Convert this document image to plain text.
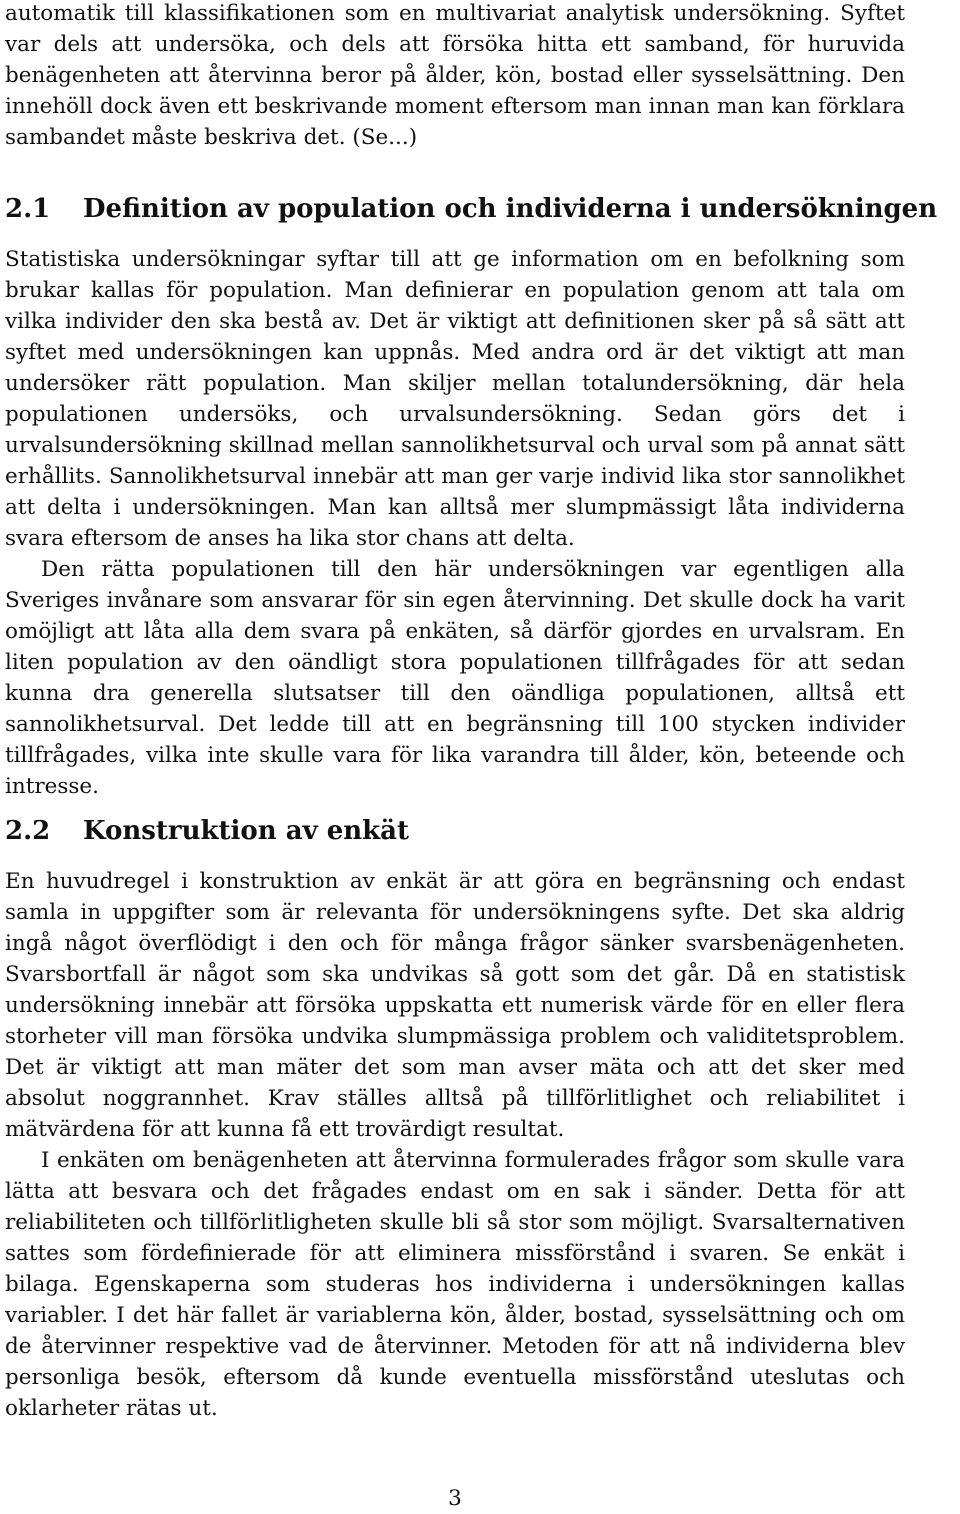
automatik till klassifikationen som en multivariat analytisk undersökning. Syftet var dels att undersöka, och dels att försöka hitta ett samband, för huruvida benägenheten att återvinna beror på ålder, kön, bostad eller sysselsättning. Den innehöll dock även ett beskrivande moment eftersom man innan man kan förklara sambandet måste beskriva det. (Se...)

2.1 Definition av population och individerna i undersökningen

Statistiska undersökningar syftar till att ge information om en befolkning som brukar kallas för population. Man definierar en population genom att tala om vilka individer den ska bestå av. Det är viktigt att definitionen sker på så sätt att syftet med undersökningen kan uppnås. Med andra ord är det viktigt att man undersöker rätt population. Man skiljer mellan totalundersökning, där hela populationen undersöks, och urvalsundersökning. Sedan görs det i urvalsundersökning skillnad mellan sannolikhetsurval och urval som på annat sätt erhållits. Sannolikhetsurval innebär att man ger varje individ lika stor sannolikhet att delta i undersökningen. Man kan alltså mer slumpmässigt låta individerna svara eftersom de anses ha lika stor chans att delta.

Den rätta populationen till den här undersökningen var egentligen alla Sveriges invånare som ansvarar för sin egen återvinning. Det skulle dock ha varit omöjligt att låta alla dem svara på enkäten, så därför gjordes en urvalsram. En liten population av den oändligt stora populationen tillfrågades för att sedan kunna dra generella slutsatser till den oändliga populationen, alltså ett sannolikhetsurval. Det ledde till att en begränsning till 100 stycken individer tillfrågades, vilka inte skulle vara för lika varandra till ålder, kön, beteende och intresse.

2.2 Konstruktion av enkät

En huvudregel i konstruktion av enkät är att göra en begränsning och endast samla in uppgifter som är relevanta för undersökningens syfte. Det ska aldrig ingå något överflödigt i den och för många frågor sänker svarsbenägenheten. Svarsbortfall är något som ska undvikas så gott som det går. Då en statistisk undersökning innebär att försöka uppskatta ett numerisk värde för en eller flera storheter vill man försöka undvika slumpmässiga problem och validitetsproblem. Det är viktigt att man mäter det som man avser mäta och att det sker med absolut noggrannhet. Krav ställes alltså på tillförlitlighet och reliabilitet i mätvärdena för att kunna få ett trovärdigt resultat.

I enkäten om benägenheten att återvinna formulerades frågor som skulle vara lätta att besvara och det frågades endast om en sak i sänder. Detta för att reliabiliteten och tillförlitligheten skulle bli så stor som möjligt. Svarsalternativen sattes som fördefinierade för att eliminera missförstånd i svaren. Se enkät i bilaga. Egenskaperna som studeras hos individerna i undersökningen kallas variabler. I det här fallet är variablerna kön, ålder, bostad, sysselsättning och om de återvinner respektive vad de återvinner. Metoden för att nå individerna blev personliga besök, eftersom då kunde eventuella missförstånd uteslutas och oklarheter rätas ut.

3
